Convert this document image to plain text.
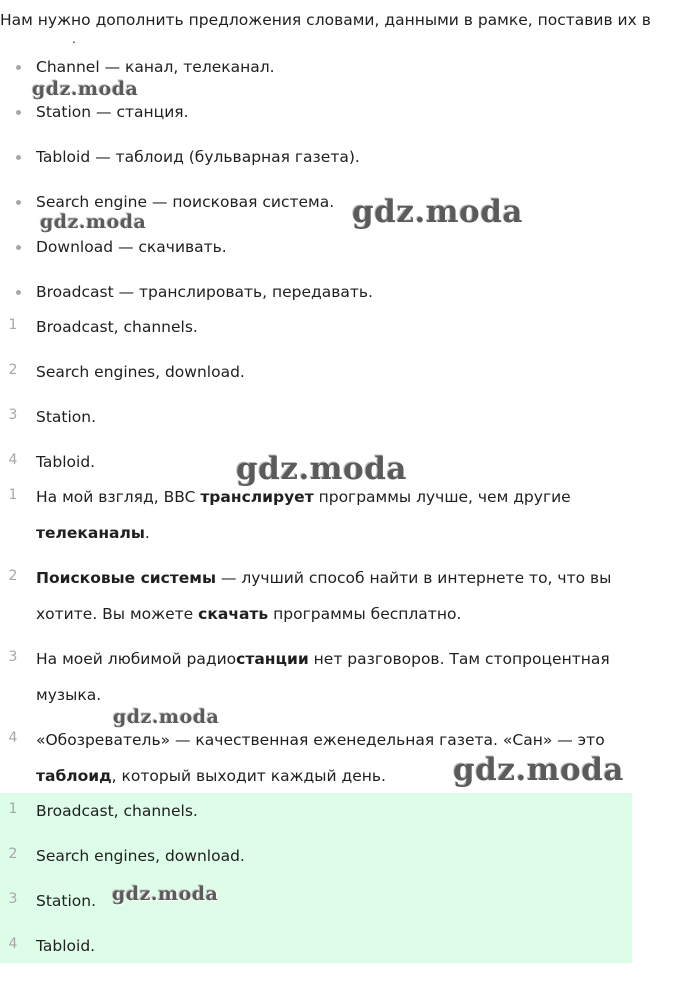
Нам нужно дополнить предложения словами, данными в рамке, поставив их в
.
Channel — канал, телеканал.
Station — станция.
Tabloid — таблоид (бульварная газета).
Search engine — поисковая система.
Download — скачивать.
Broadcast — транслировать, передавать.
1	Broadcast, channels.
2	Search engines, download.
3	Station.
4	Tabloid.
1	На мой взгляд, BBC транслирует программы лучше, чем другие
телеканалы.
2	Поисковые системы — лучший способ найти в интернете то, что вы
хотите. Вы можете скачать программы бесплатно.
3	На моей любимой радиостанции нет разговоров. Там стопроцентная
музыка.
4	«Обозреватель» — качественная еженедельная газета. «Сан» — это
таблоид, который выходит каждый день.
1	Broadcast, channels.
2	Search engines, download.
3	Station.
4	Tabloid.
gdz.moda
gdz.moda	gdz.moda
gdz.moda
gdz.moda
gdz.moda
gdz.moda
